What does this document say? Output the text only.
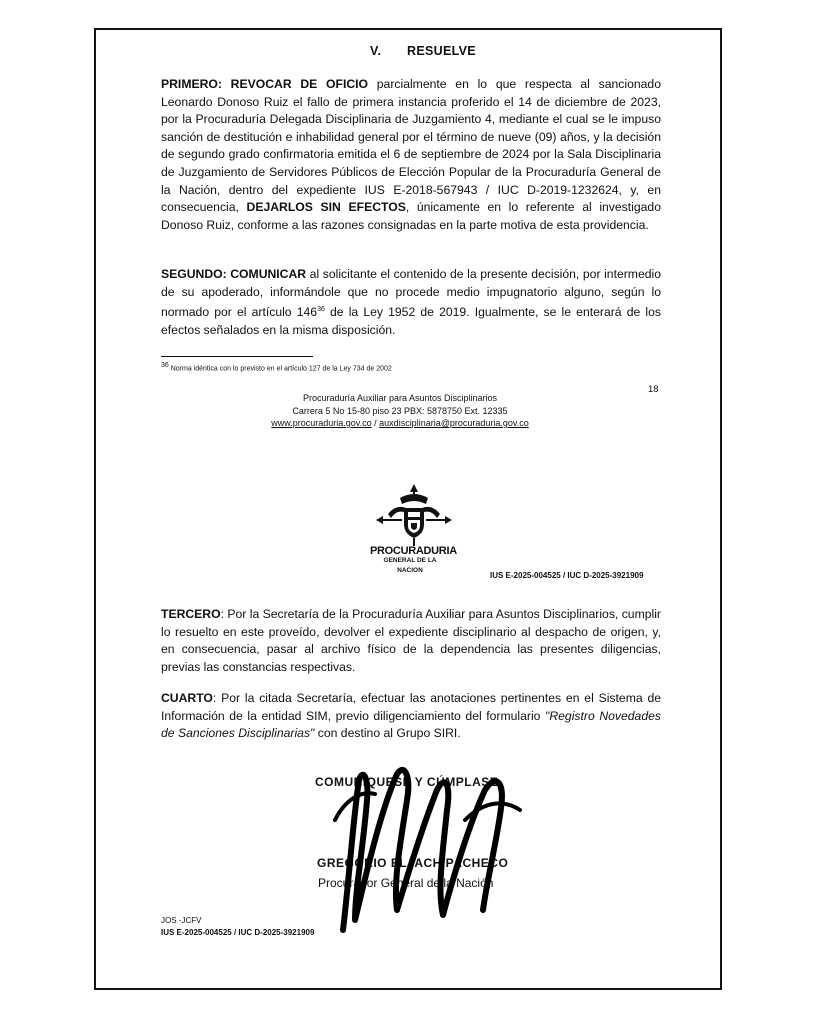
V. RESUELVE
PRIMERO: REVOCAR DE OFICIO parcialmente en lo que respecta al sancionado Leonardo Donoso Ruiz el fallo de primera instancia proferido el 14 de diciembre de 2023, por la Procuraduría Delegada Disciplinaria de Juzgamiento 4, mediante el cual se le impuso sanción de destitución e inhabilidad general por el término de nueve (09) años, y la decisión de segundo grado confirmatoria emitida el 6 de septiembre de 2024 por la Sala Disciplinaria de Juzgamiento de Servidores Públicos de Elección Popular de la Procuraduría General de la Nación, dentro del expediente IUS E-2018-567943 / IUC D-2019-1232624, y, en consecuencia, DEJARLOS SIN EFECTOS, únicamente en lo referente al investigado Donoso Ruiz, conforme a las razones consignadas en la parte motiva de esta providencia.
SEGUNDO: COMUNICAR al solicitante el contenido de la presente decisión, por intermedio de su apoderado, informándole que no procede medio impugnatorio alguno, según lo normado por el artículo $146^{36}$ de la Ley 1952 de 2019. Igualmente, se le enterará de los efectos señalados en la misma disposición.
36 Norma idéntica con lo previsto en el artículo 127 de la Ley 734 de 2002
18
Procuraduría Auxiliar para Asuntos Disciplinarios
Carrera 5 No 15-80 piso 23 PBX: 5878750 Ext. 12335
www.procuraduria.gov.co / auxdisciplinaria@procuraduria.gov.co
PROCURADURIA
GENERAL DE LA NACION
IUS E-2025-004525 / IUC D-2025-3921909
TERCERO: Por la Secretaría de la Procuraduría Auxiliar para Asuntos Disciplinarios, cumplir lo resuelto en este proveído, devolver el expediente disciplinario al despacho de origen, y, en consecuencia, pasar al archivo físico de la dependencia las presentes diligencias, previas las constancias respectivas.
CUARTO: Por la citada Secretaría, efectuar las anotaciones pertinentes en el Sistema de Información de la entidad SIM, previo diligenciamiento del formulario "Registro Novedades de Sanciones Disciplinarias" con destino al Grupo SIRI.
COMUNÍQUESE Y CÚMPLASE
GREGORIO ELJACH PACHECO
Procurador General de la Nación
JOS -JCFV
IUS E-2025-004525 / IUC D-2025-3921909
